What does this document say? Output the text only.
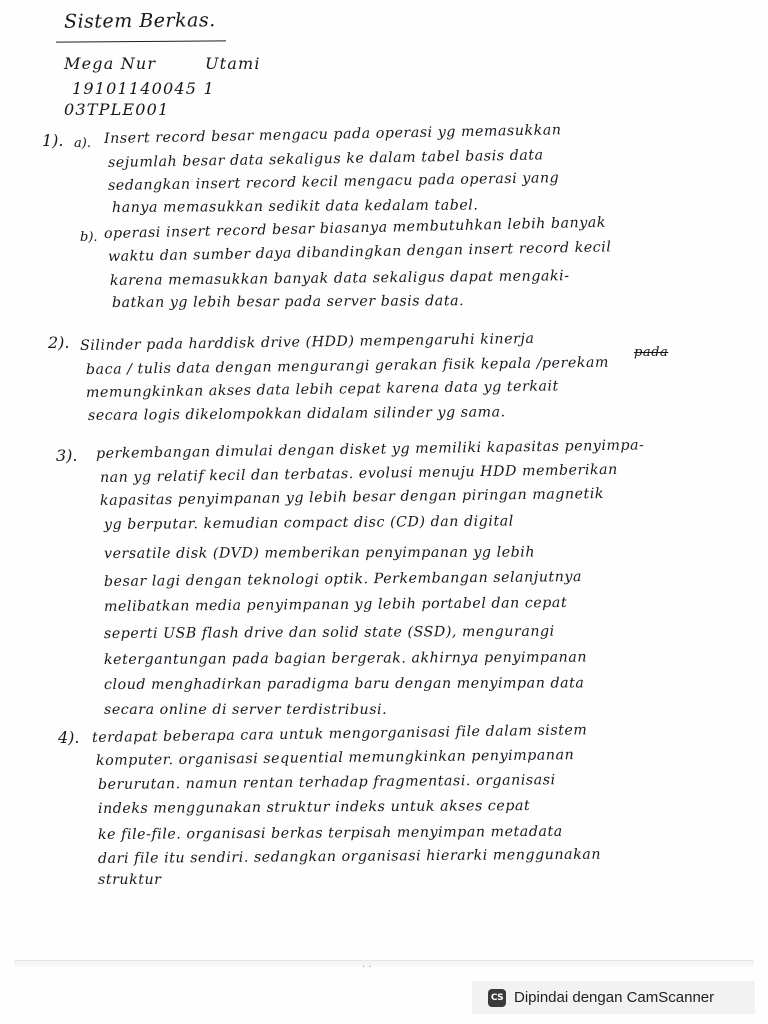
Sistem Berkas.
Mega Nur	Utami
19101140045 1
03TPLE001
1). a). Insert record besar mengacu pada operasi yg memasukkan
sejumlah besar data sekaligus ke dalam tabel basis data
sedangkan insert record kecil mengacu pada operasi yang
hanya memasukkan sedikit data kedalam tabel.
b). operasi insert record besar biasanya membutuhkan lebih banyak
waktu dan sumber daya dibandingkan dengan insert record kecil
karena memasukkan banyak data sekaligus dapat mengaki-
batkan yg lebih besar pada server basis data.
2). Silinder pada harddisk drive (HDD) mempengaruhi kinerja	pada
baca / tulis data dengan mengurangi gerakan fisik kepala /perekam
memungkinkan akses data lebih cepat karena data yg terkait
secara logis dikelompokkan didalam silinder yg sama.
3). perkembangan dimulai dengan disket yg memiliki kapasitas penyimpa-
nan yg relatif kecil dan terbatas. evolusi menuju HDD memberikan
kapasitas penyimpanan yg lebih besar dengan piringan magnetik
yg berputar. kemudian compact disc (CD) dan digital
versatile disk (DVD) memberikan penyimpanan yg lebih
besar lagi dengan teknologi optik. Perkembangan selanjutnya
melibatkan media penyimpanan yg lebih portabel dan cepat
seperti USB flash drive dan solid state (SSD), mengurangi
ketergantungan pada bagian bergerak. akhirnya penyimpanan
cloud menghadirkan paradigma baru dengan menyimpan data
secara online di server terdistribusi.
4). terdapat beberapa cara untuk mengorganisasi file dalam sistem
komputer. organisasi sequential memungkinkan penyimpanan
berurutan. namun rentan terhadap fragmentasi. organisasi
indeks menggunakan struktur indeks untuk akses cepat
ke file-file. organisasi berkas terpisah menyimpan metadata
dari file itu sendiri. sedangkan organisasi hierarki menggunakan
struktur
‧ ‧
CS Dipindai dengan CamScanner
